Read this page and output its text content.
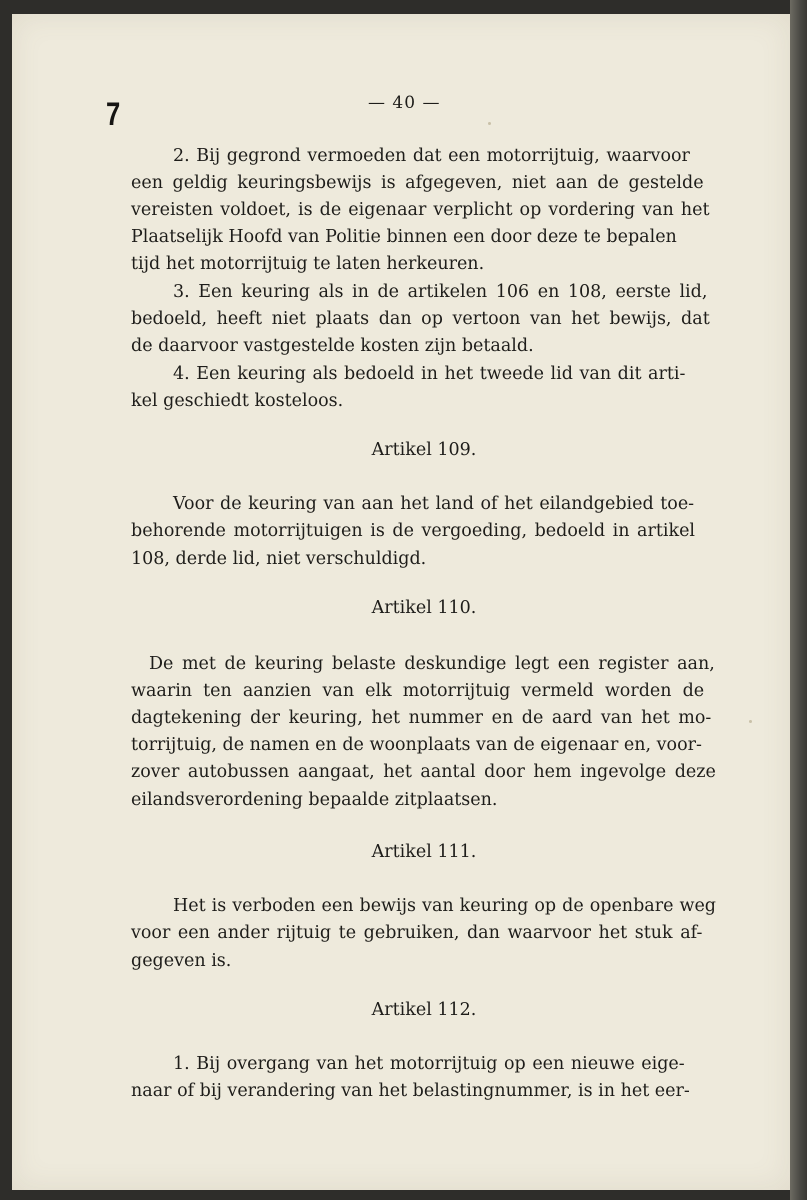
7	— 40 —
2. Bij gegrond vermoeden dat een motorrijtuig, waarvoor
een geldig keuringsbewijs is afgegeven, niet aan de gestelde
vereisten voldoet, is de eigenaar verplicht op vordering van het
Plaatselijk Hoofd van Politie binnen een door deze te bepalen
tijd het motorrijtuig te laten herkeuren.
3. Een keuring als in de artikelen 106 en 108, eerste lid,
bedoeld, heeft niet plaats dan op vertoon van het bewijs, dat
de daarvoor vastgestelde kosten zijn betaald.
4. Een keuring als bedoeld in het tweede lid van dit arti-
kel geschiedt kosteloos.
Artikel 109.
Voor de keuring van aan het land of het eilandgebied toe-
behorende motorrijtuigen is de vergoeding, bedoeld in artikel
108, derde lid, niet verschuldigd.
Artikel 110.
De met de keuring belaste deskundige legt een register aan,
waarin ten aanzien van elk motorrijtuig vermeld worden de
dagtekening der keuring, het nummer en de aard van het mo-
torrijtuig, de namen en de woonplaats van de eigenaar en, voor-
zover autobussen aangaat, het aantal door hem ingevolge deze
eilandsverordening bepaalde zitplaatsen.
Artikel 111.
Het is verboden een bewijs van keuring op de openbare weg
voor een ander rijtuig te gebruiken, dan waarvoor het stuk af-
gegeven is.
Artikel 112.
1. Bij overgang van het motorrijtuig op een nieuwe eige-
naar of bij verandering van het belastingnummer, is in het eer-
